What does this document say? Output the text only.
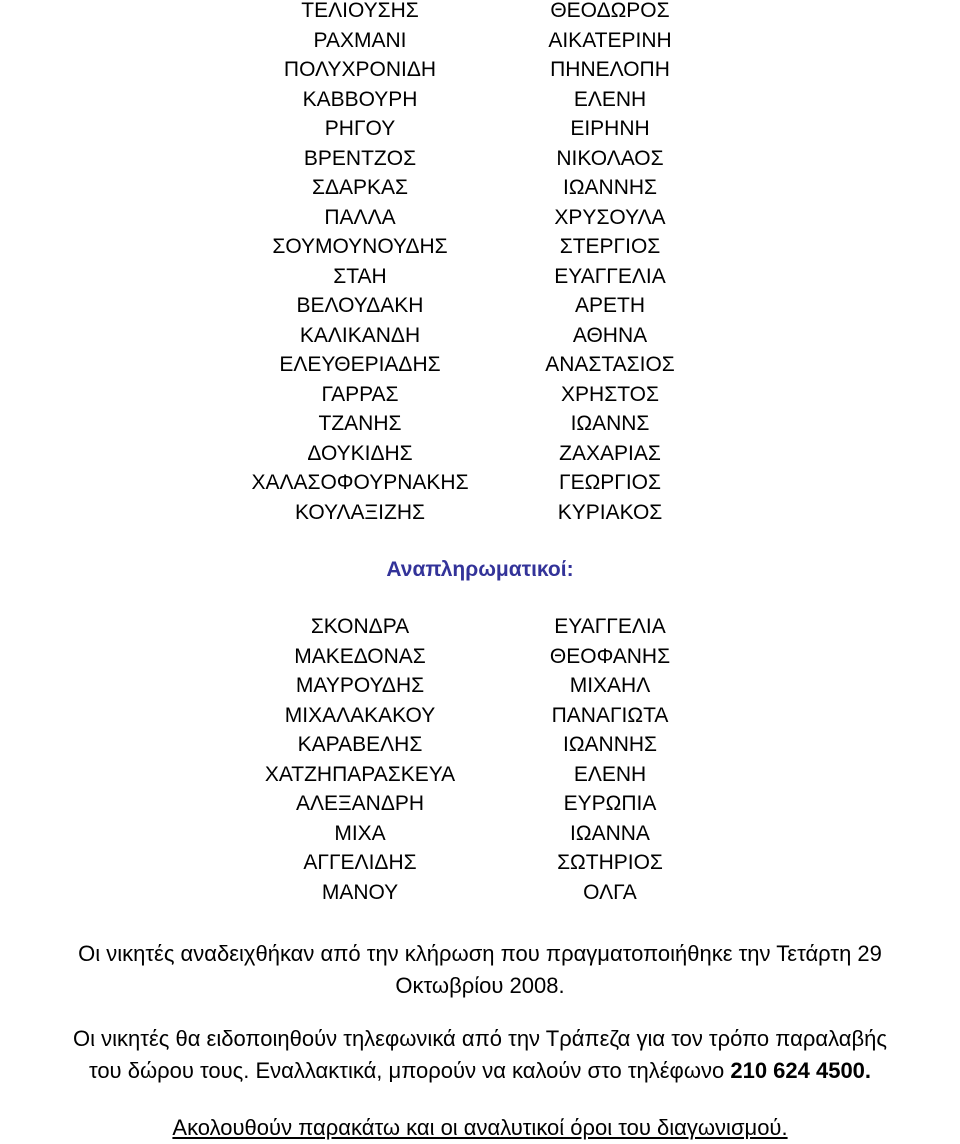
ΤΕΛΙΟΥΣΗΣ
ΡΑΧΜΑΝΙ
ΠΟΛΥΧΡΟΝΙΔΗ
ΚΑΒΒΟΥΡΗ
ΡΗΓΟΥ
ΒΡΕΝΤΖΟΣ
ΣΔΑΡΚΑΣ
ΠΑΛΛΑ
ΣΟΥΜΟΥΝΟΥΔΗΣ
ΣΤΑΗ
ΒΕΛΟΥΔΑΚΗ
ΚΑΛΙΚΑΝΔΗ
ΕΛΕΥΘΕΡΙΑΔΗΣ
ΓΑΡΡΑΣ
ΤΖΑΝΗΣ
ΔΟΥΚΙΔΗΣ
ΧΑΛΑΣΟΦΟΥΡΝΑΚΗΣ
ΚΟΥΛΑΞΙΖΗΣ
ΘΕΟΔΩΡΟΣ
ΑΙΚΑΤΕΡΙΝΗ
ΠΗΝΕΛΟΠΗ
ΕΛΕΝΗ
ΕΙΡΗΝΗ
ΝΙΚΟΛΑΟΣ
ΙΩΑΝΝΗΣ
ΧΡΥΣΟΥΛΑ
ΣΤΕΡΓΙΟΣ
ΕΥΑΓΓΕΛΙΑ
ΑΡΕΤΗ
ΑΘΗΝΑ
ΑΝΑΣΤΑΣΙΟΣ
ΧΡΗΣΤΟΣ
ΙΩΑΝΝΣ
ΖΑΧΑΡΙΑΣ
ΓΕΩΡΓΙΟΣ
ΚΥΡΙΑΚΟΣ
Αναπληρωματικοί:
ΣΚΟΝΔΡΑ
ΜΑΚΕΔΟΝΑΣ
ΜΑΥΡΟΥΔΗΣ
ΜΙΧΑΛΑΚΑΚΟΥ
ΚΑΡΑΒΕΛΗΣ
ΧΑΤΖΗΠΑΡΑΣΚΕΥΑ
ΑΛΕΞΑΝΔΡΗ
ΜΙΧΑ
ΑΓΓΕΛΙΔΗΣ
ΜΑΝΟΥ
ΕΥΑΓΓΕΛΙΑ
ΘΕΟΦΑΝΗΣ
ΜΙΧΑΗΛ
ΠΑΝΑΓΙΩΤΑ
ΙΩΑΝΝΗΣ
ΕΛΕΝΗ
ΕΥΡΩΠΙΑ
ΙΩΑΝΝΑ
ΣΩΤΗΡΙΟΣ
ΟΛΓΑ
Οι νικητές αναδειχθήκαν από την κλήρωση που πραγματοποιήθηκε την Τετάρτη 29
Οκτωβρίου 2008.
Οι νικητές θα ειδοποιηθούν τηλεφωνικά από την Τράπεζα για τον τρόπο παραλαβής
του δώρου τους. Εναλλακτικά, μπορούν να καλούν στο τηλέφωνο 210 624 4500.
Ακολουθούν παρακάτω και οι αναλυτικοί όροι του διαγωνισμού.
